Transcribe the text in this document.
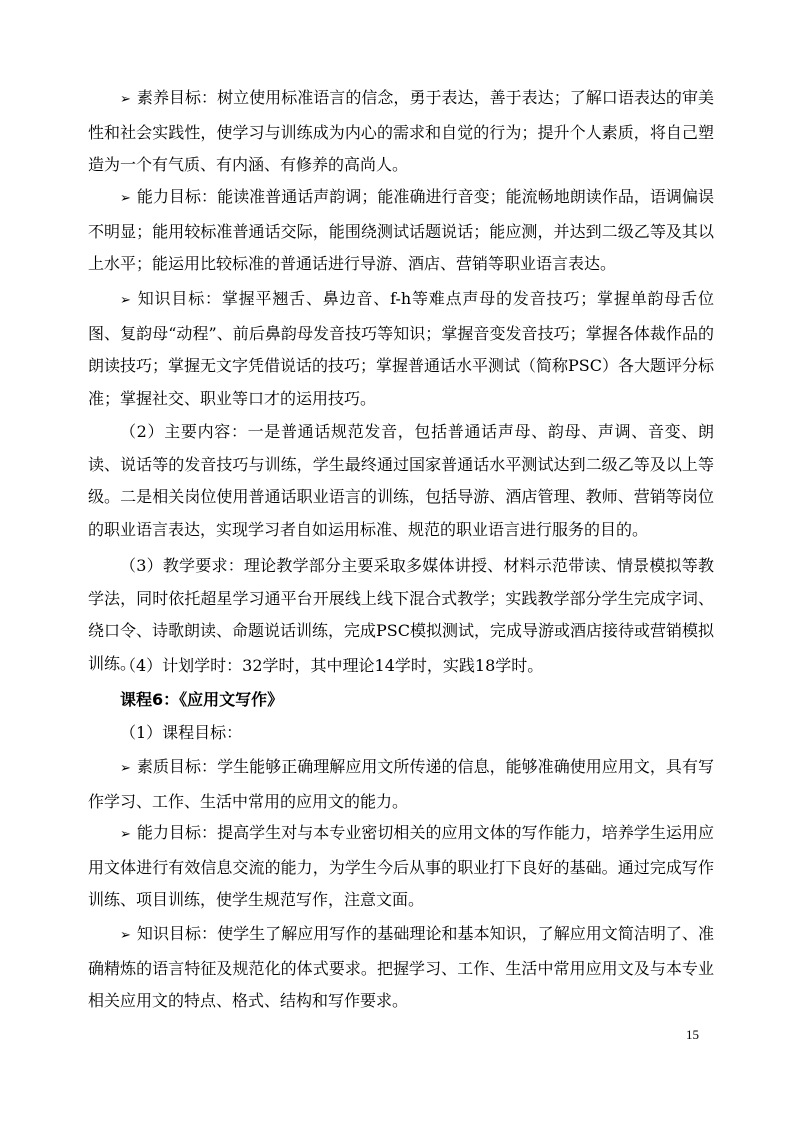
➢ 素养目标：树立使用标准语言的信念，勇于表达，善于表达；了解口语表达的审美性和社会实践性，使学习与训练成为内心的需求和自觉的行为；提升个人素质，将自己塑造为一个有气质、有内涵、有修养的高尚人。

➢ 能力目标：能读准普通话声韵调；能准确进行音变；能流畅地朗读作品，语调偏误不明显；能用较标准普通话交际，能围绕测试话题说话；能应测，并达到二级乙等及其以上水平；能运用比较标准的普通话进行导游、酒店、营销等职业语言表达。

➢ 知识目标：掌握平翘舌、鼻边音、f-h等难点声母的发音技巧；掌握单韵母舌位图、复韵母“动程”、前后鼻韵母发音技巧等知识；掌握音变发音技巧；掌握各体裁作品的朗读技巧；掌握无文字凭借说话的技巧；掌握普通话水平测试（简称PSC）各大题评分标准；掌握社交、职业等口才的运用技巧。

（2）主要内容：一是普通话规范发音，包括普通话声母、韵母、声调、音变、朗读、说话等的发音技巧与训练，学生最终通过国家普通话水平测试达到二级乙等及以上等级。二是相关岗位使用普通话职业语言的训练，包括导游、酒店管理、教师、营销等岗位的职业语言表达，实现学习者自如运用标准、规范的职业语言进行服务的目的。

（3）教学要求：理论教学部分主要采取多媒体讲授、材料示范带读、情景模拟等教学法，同时依托超星学习通平台开展线上线下混合式教学；实践教学部分学生完成字词、绕口令、诗歌朗读、命题说话训练，完成PSC模拟测试，完成导游或酒店接待或营销模拟训练。

（4）计划学时：32学时，其中理论14学时，实践18学时。

课程6：《应用文写作》

（1）课程目标：

➢ 素质目标：学生能够正确理解应用文所传递的信息，能够准确使用应用文，具有写作学习、工作、生活中常用的应用文的能力。

➢ 能力目标：提高学生对与本专业密切相关的应用文体的写作能力，培养学生运用应用文体进行有效信息交流的能力，为学生今后从事的职业打下良好的基础。通过完成写作训练、项目训练，使学生规范写作，注意文面。

➢ 知识目标：使学生了解应用写作的基础理论和基本知识，了解应用文简洁明了、准确精炼的语言特征及规范化的体式要求。把握学习、工作、生活中常用应用文及与本专业相关应用文的特点、格式、结构和写作要求。

15
